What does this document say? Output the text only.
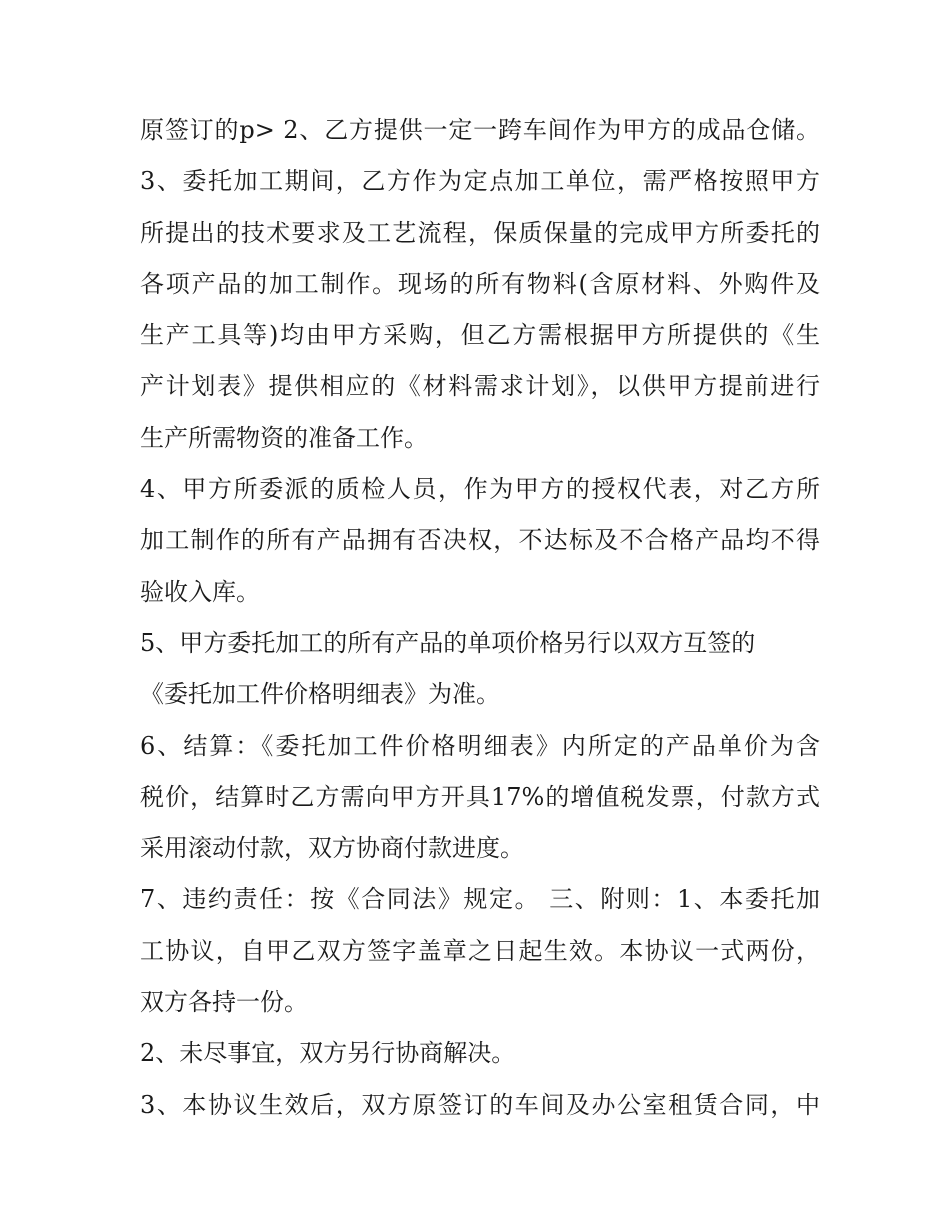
原签订的p> 2、乙方提供一定一跨车间作为甲方的成品仓储。
3、委托加工期间，乙方作为定点加工单位，需严格按照甲方
所提出的技术要求及工艺流程，保质保量的完成甲方所委托的
各项产品的加工制作。现场的所有物料(含原材料、外购件及
生产工具等)均由甲方采购，但乙方需根据甲方所提供的《生
产计划表》提供相应的《材料需求计划》，以供甲方提前进行
生产所需物资的准备工作。
4、甲方所委派的质检人员，作为甲方的授权代表，对乙方所
加工制作的所有产品拥有否决权，不达标及不合格产品均不得
验收入库。
5、甲方委托加工的所有产品的单项价格另行以双方互签的
《委托加工件价格明细表》为准。
6、结算：《委托加工件价格明细表》内所定的产品单价为含
税价，结算时乙方需向甲方开具17%的增值税发票，付款方式
采用滚动付款，双方协商付款进度。
7、违约责任：按《合同法》规定。 三、附则：1、本委托加
工协议，自甲乙双方签字盖章之日起生效。本协议一式两份，
双方各持一份。
2、未尽事宜，双方另行协商解决。
3、本协议生效后，双方原签订的车间及办公室租赁合同，中
